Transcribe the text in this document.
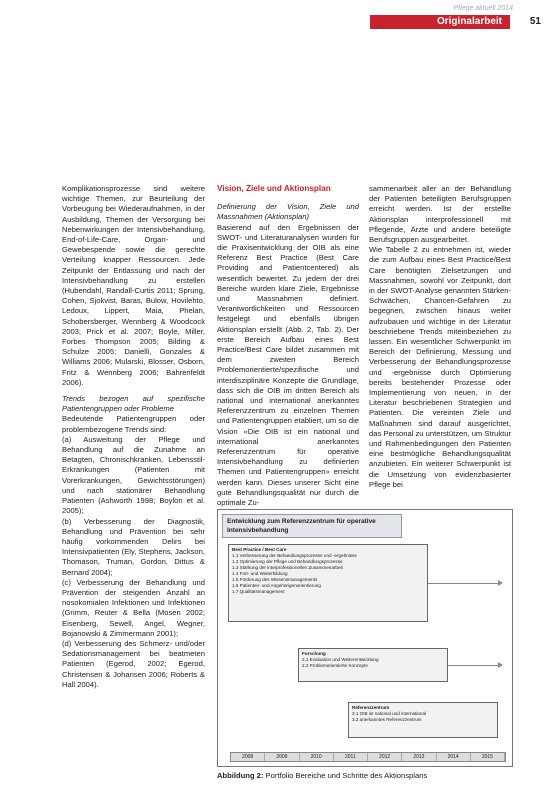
Pflege aktuell 2014
Originalarbeit	51

Komplikationsprozesse sind weitere wichtige Themen, zur Beurteilung der Vorbeugung bei Wiederaufnahmen, in der Ausbildung, Themen der Versorgung bei Nebenwirkungen der Intensivbehandlung, End-of-Life-Care, Organ- und Gewebespende sowie die gerechte Verteilung knapper Ressourcen. Jede Zeitpunkt der Entlassung und nach der Intensivbehandlung zu erstellen (Hubendahl, Randall-Curtis 2011; Sprung, Cohen, Sjokvist, Baras, Bulow, Hovilehto, Ledoux, Lippert, Maia, Phelan, Schobersberger, Wennberg & Woodcock 2003; Prick et al. 2007; Boyle, Miller, Forbes Thompson 2005; Bilding & Schulze 2005; Danielli, Gonzales & Williams 2006; Mularski, Blosser, Osborn, Fritz & Wennberg 2006; Bahrenfeldt 2006).

Trends bezogen auf spezifische Patientengruppen oder Probleme

Bedeutende Patientengruppen oder problembezogene Trends sind:

(a) Ausweitung der Pflege und Behandlung auf die Zunahme an Betagten, Chronischkranken, Lebensstil-Erkrankungen (Patienten mit Vorerkrankungen, Gewichtsstörungen) und nach stationärer Behandlung Patienten (Ashworth 1998; Boylon et al. 2005);

(b) Verbesserung der Diagnostik, Behandlung und Prävention bei sehr häufig vorkommenden Delirs bei Intensivpatienten (Ely, Stephens, Jackson, Thomason, Truman, Gordon, Dittus & Bernard 2004);

(c) Verbesserung der Behandlung und Prävention der steigenden Anzahl an nosokomialen Infektionen und Infektionen (Grimm, Reuter & Bella (Mosen 2002; Eisenberg, Sewell, Angel, Wegner, Bojanowski & Zimmermann 2001);

(d) Verbesserung des Schmerz- und/oder Sedationsmanagement bei beatmeten Patienten (Egerod, 2002; Egerod, Christensen & Johansen 2006; Roberts & Hall 2004).

Vision, Ziele und Aktionsplan

Definierung der Vision, Ziele und Massnahmen (Aktionsplan)

Basierend auf den Ergebnissen der SWOT- und Literaturanalysen wurden für die Praxisentwicklung der OIB als eine Referenz Best Practice (Best Care Providing and Patientcentered) als wesentlich bewertet. Zu jedem der drei Bereiche wurden klare Ziele, Ergebnisse und Massnahmen definiert. Verantwortlichkeiten und Ressourcen festgelegt und ebenfalls übrigen Aktionsplan erstellt (Abb. 2, Tab. 2). Der erste Bereich Aufbau eines Best Practice/Best Care bildet zusammen mit dem zweiten Bereich Problemorientierte/spezifische und interdisziplinäre Konzepte die Grundlage, dass sich die OIB im dritten Bereich als national und international anerkanntes Referenzzentrum zu einzelnen Themen und Patientengruppen etabliert, um so die Vision «Die OIB ist ein national und international anerkanntes Referenzzentrum für operative Intensivbehandlung zu definierten Themen und Patientengruppen» erreicht werden kann. Dieses unserer Sicht eine gute Behandlungsqualität nur durch die optimale Zu-

sammenarbeit aller an der Behandlung der Patienten beteiligten Berufsgruppen erreicht werden. Ist der erstellte Aktionsplan interprofessionell mit Pflegende, Ärzte und andere beteiligte Berufsgruppen ausgearbeitet.

Wie Tabelle 2 zu entnehmen ist, wieder die zum Aufbau eines Best Practice/Best Care benötigten Zielsetzungen und Massnahmen, sowohl vor Zeitpunkt, dort in der SWOT-Analyse genannten Stärken-Schwächen, Chancen-Gefahren zu begegnen, zwischen hinaus weiter aufzubauen und wichtige in der Literatur beschriebene Trends miteinbeziehen zu lassen. Ein wesentlicher Schwerpunkt im Bereich der Definierung, Messung und Verbesserung der Behandlungsprozesse und -ergebnisse durch Optimierung bereits bestehender Prozesse oder Implementierung von neuen, in der Literatur beschriebenen Strategien und Patienten. Die vereinten Ziele und Maßnahmen sind darauf ausgerichtet, das Personal zu unterstützen, um Struktur und Rahmenbedingungen den Patienten eine bestmögliche Behandlungsqualität anzubieten. Ein weiterer Schwerpunkt ist die Umsetzung von evidenzbasierter Pflege bei

Entwicklung zum Referenzzentrum für operative Intensivbehandlung
Best Practice / Best Care
1.1 Verbesserung der Behandlungsprozesse und -ergebnisse
1.2 Optimierung der Pflege und Behandlungsprozesse
1.3 Stärkung der interprofessionellen Zusammenarbeit
1.4 Fort- und Weiterbildung
1.5 Förderung des Wissensmanagements
1.6 Patienten- und Angehörigenorientierung
1.7 Qualitätsmanagement
Forschung
2.1 Evaluation und Weiterentwicklung
2.2 Problemorientierte Konzepte
Referenzzentrum
3.1 OIB ist national und international
3.2 anerkanntes Referenzzentrum
2008	2009	2010	2011	2012	2013	2014	2015
Abbildung 2: Portfolio Bereiche und Schritte des Aktionsplans
